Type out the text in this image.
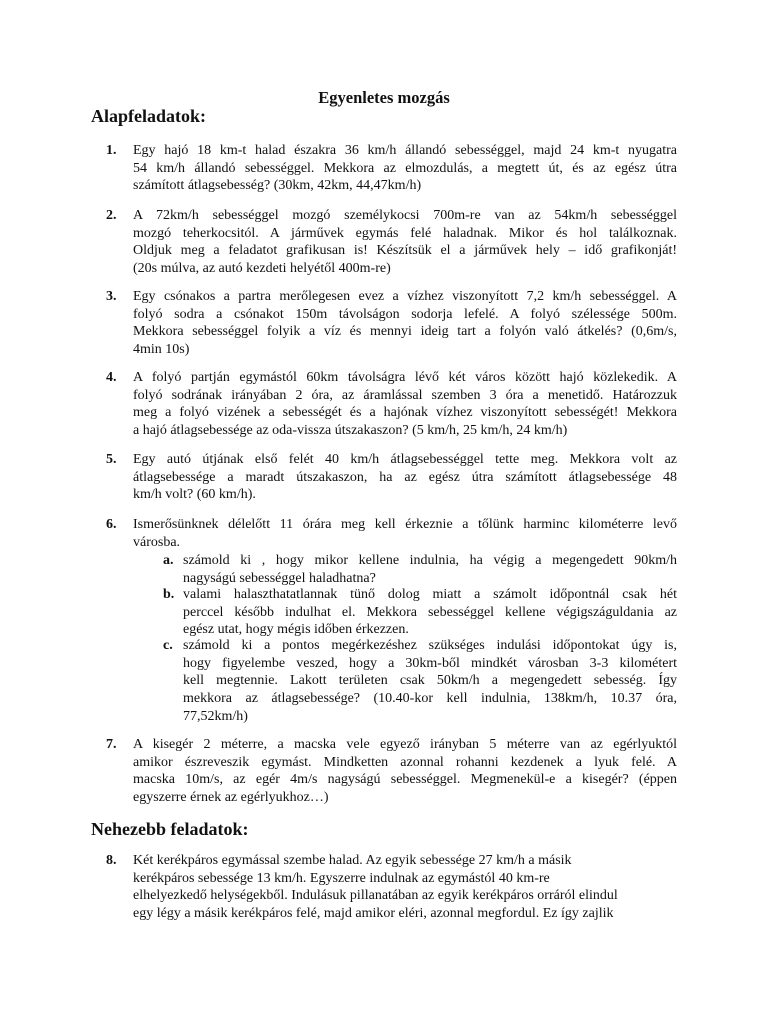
Egyenletes mozgás
Alapfeladatok:
1. Egy hajó 18 km-t halad északra 36 km/h állandó sebességgel, majd 24 km-t nyugatra
54 km/h állandó sebességgel. Mekkora az elmozdulás, a megtett út, és az egész útra
számított átlagsebesség? (30km, 42km, 44,47km/h)
2. A 72km/h sebességgel mozgó személykocsi 700m-re van az 54km/h sebességgel
mozgó teherkocsitól. A járművek egymás felé haladnak. Mikor és hol találkoznak.
Oldjuk meg a feladatot grafikusan is! Készítsük el a járművek hely – idő grafikonját!
(20s múlva, az autó kezdeti helyétől 400m-re)
3. Egy csónakos a partra merőlegesen evez a vízhez viszonyított 7,2 km/h sebességgel. A
folyó sodra a csónakot 150m távolságon sodorja lefelé. A folyó szélessége 500m.
Mekkora sebességgel folyik a víz és mennyi ideig tart a folyón való átkelés? (0,6m/s,
4min 10s)
4. A folyó partján egymástól 60km távolságra lévő két város között hajó közlekedik. A
folyó sodrának irányában 2 óra, az áramlással szemben 3 óra a menetidő. Határozzuk
meg a folyó vizének a sebességét és a hajónak vízhez viszonyított sebességét! Mekkora
a hajó átlagsebessége az oda-vissza útszakaszon? (5 km/h, 25 km/h, 24 km/h)
5. Egy autó útjának első felét 40 km/h átlagsebességgel tette meg. Mekkora volt az
átlagsebessége a maradt útszakaszon, ha az egész útra számított átlagsebessége 48
km/h volt? (60 km/h).
6. Ismerősünknek délelőtt 11 órára meg kell érkeznie a tőlünk harminc kilométerre levő
városba.
a. számold ki , hogy mikor kellene indulnia, ha végig a megengedett 90km/h
nagyságú sebességgel haladhatna?
b. valami halaszthatatlannak tünő dolog miatt a számolt időpontnál csak hét
perccel később indulhat el. Mekkora sebességgel kellene végigszáguldania az
egész utat, hogy mégis időben érkezzen.
c. számold ki a pontos megérkezéshez szükséges indulási időpontokat úgy is,
hogy figyelembe veszed, hogy a 30km-ből mindkét városban 3-3 kilométert
kell megtennie. Lakott területen csak 50km/h a megengedett sebesség. Így
mekkora az átlagsebessége? (10.40-kor kell indulnia, 138km/h, 10.37 óra,
77,52km/h)
7. A kisegér 2 méterre, a macska vele egyező irányban 5 méterre van az egérlyuktól
amikor észreveszik egymást. Mindketten azonnal rohanni kezdenek a lyuk felé. A
macska 10m/s, az egér 4m/s nagyságú sebességgel. Megmenekül-e a kisegér? (éppen
egyszerre érnek az egérlyukhoz…)
Nehezebb feladatok:
8. Két kerékpáros egymással szembe halad. Az egyik sebessége 27 km/h a másik
kerékpáros sebessége 13 km/h. Egyszerre indulnak az egymástól 40 km-re
elhelyezkedő helységekből. Indulásuk pillanatában az egyik kerékpáros orráról elindul
egy légy a másik kerékpáros felé, majd amikor eléri, azonnal megfordul. Ez így zajlik
